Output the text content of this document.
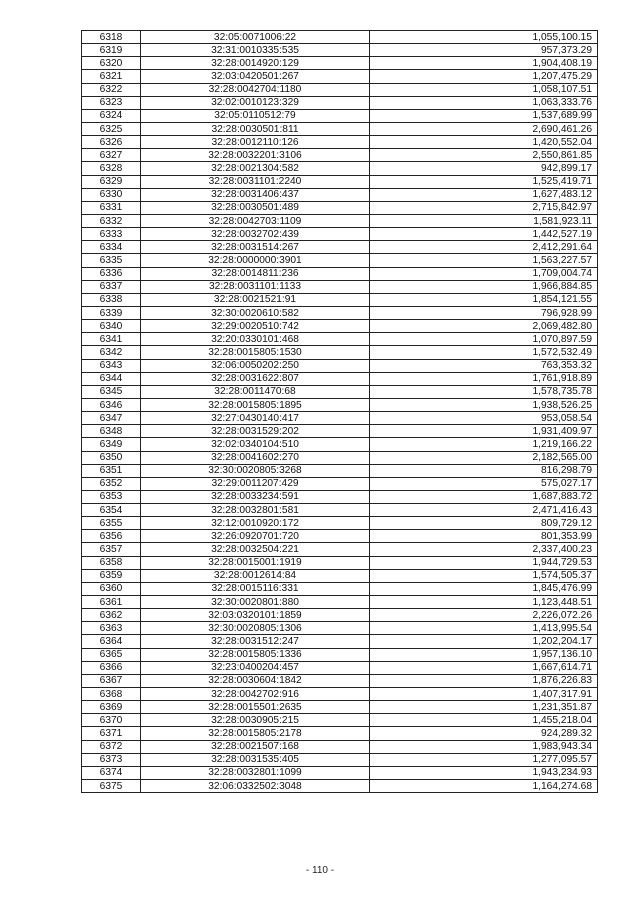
6318	32:05:0071006:22	1,055,100.15
6319	32:31:0010335:535	957,373.29
6320	32:28:0014920:129	1,904,408.19
6321	32:03:0420501:267	1,207,475.29
6322	32:28:0042704:1180	1,058,107.51
6323	32:02:0010123:329	1,063,333.76
6324	32:05:0110512:79	1,537,689.99
6325	32:28:0030501:811	2,690,461.26
6326	32:28:0012110:126	1,420,552.04
6327	32:28:0032201:3106	2,550,861.85
6328	32:28:0021304:582	942,899.17
6329	32:28:0031101:2240	1,525,419.71
6330	32:28:0031406:437	1,627,483.12
6331	32:28:0030501:489	2,715,842.97
6332	32:28:0042703:1109	1,581,923.11
6333	32:28:0032702:439	1,442,527.19
6334	32:28:0031514:267	2,412,291.64
6335	32:28:0000000:3901	1,563,227.57
6336	32:28:0014811:236	1,709,004.74
6337	32:28:0031101:1133	1,966,884.85
6338	32:28:0021521:91	1,854,121.55
6339	32:30:0020610:582	796,928.99
6340	32:29:0020510:742	2,069,482.80
6341	32:20:0330101:468	1,070,897.59
6342	32:28:0015805:1530	1,572,532.49
6343	32:06:0050202:250	763,353.32
6344	32:28:0031622:807	1,761,918.89
6345	32:28:0011470:68	1,578,735.78
6346	32:28:0015805:1895	1,938,526.25
6347	32:27:0430140:417	953,058.54
6348	32:28:0031529:202	1,931,409.97
6349	32:02:0340104:510	1,219,166.22
6350	32:28:0041602:270	2,182,565.00
6351	32:30:0020805:3268	816,298.79
6352	32:29:0011207:429	575,027.17
6353	32:28:0033234:591	1,687,883.72
6354	32:28:0032801:581	2,471,416.43
6355	32:12:0010920:172	809,729.12
6356	32:26:0920701:720	801,353.99
6357	32:28:0032504:221	2,337,400.23
6358	32:28:0015001:1919	1,944,729.53
6359	32:28:0012614:84	1,574,505.37
6360	32:28:0015116:331	1,845,476.99
6361	32:30:0020801:880	1,123,448.51
6362	32:03:0320101:1859	2,226,072.26
6363	32:30:0020805:1306	1,413,995.54
6364	32:28:0031512:247	1,202,204.17
6365	32:28:0015805:1336	1,957,136.10
6366	32:23:0400204:457	1,667,614.71
6367	32:28:0030604:1842	1,876,226.83
6368	32:28:0042702:916	1,407,317.91
6369	32:28:0015501:2635	1,231,351.87
6370	32:28:0030905:215	1,455,218.04
6371	32:28:0015805:2178	924,289.32
6372	32:28:0021507:168	1,983,943.34
6373	32:28:0031535:405	1,277,095.57
6374	32:28:0032801:1099	1,943,234.93
6375	32:06:0332502:3048	1,164,274.68
- 110 -
